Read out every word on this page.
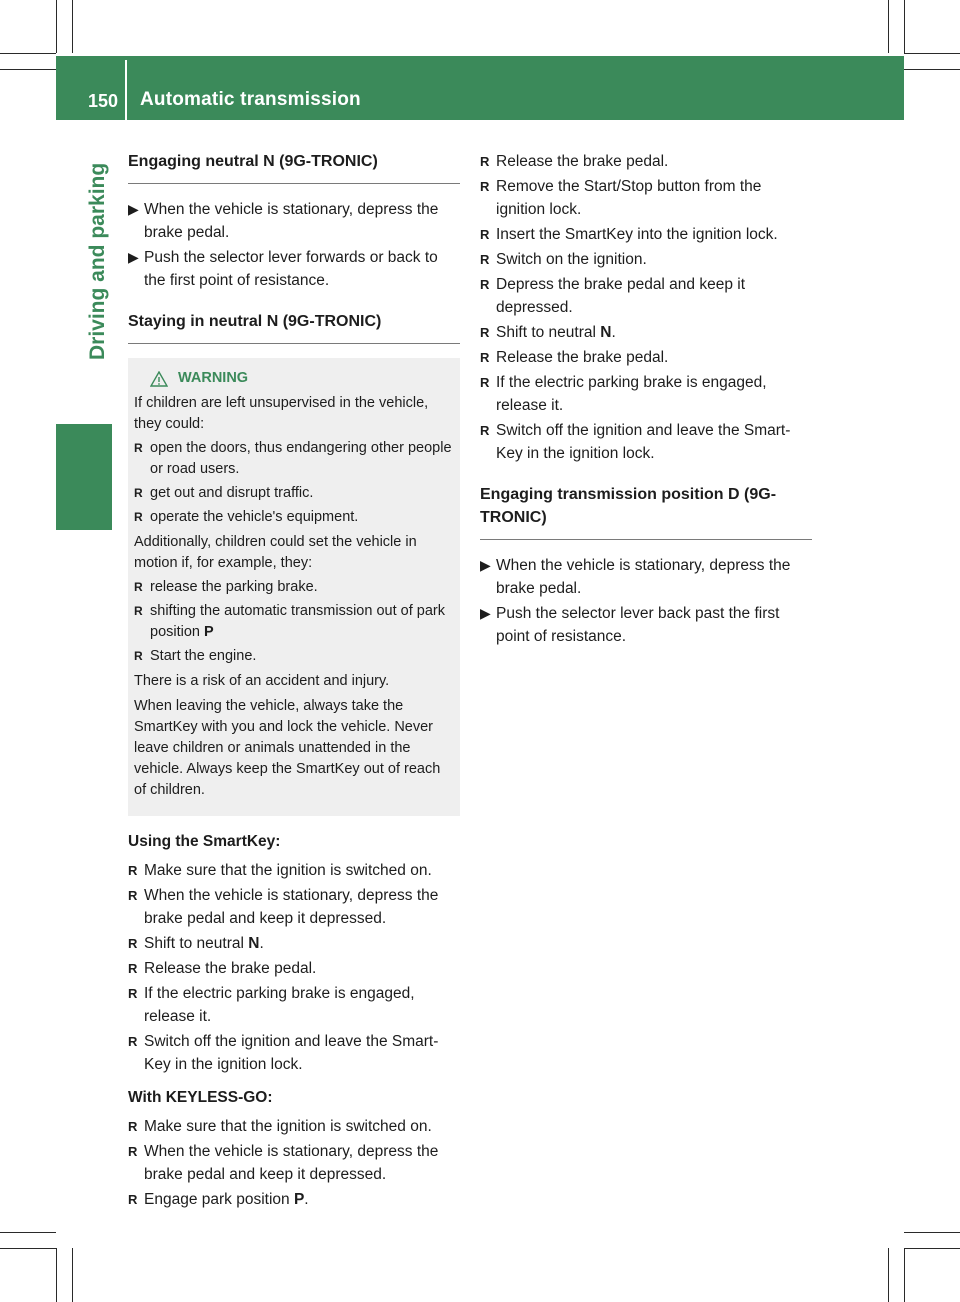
150 Automatic transmission
Driving and parking
Engaging neutral N (9G-TRONIC)
▶ ▶ When the vehicle is stationary, depress the brake pedal.
▶ ▶ Push the selector lever forwards or back to the first point of resistance.
Staying in neutral N (9G-TRONIC)
WARNING

If children are left unsupervised in the vehicle, they could:

R open the doors, thus endangering other people or road users.
R get out and disrupt traffic.
R operate the vehicle's equipment.

Additionally, children could set the vehicle in motion if, for example, they:

R release the parking brake.
R shifting the automatic transmission out of park position P
R Start the engine.

There is a risk of an accident and injury.

When leaving the vehicle, always take the SmartKey with you and lock the vehicle. Never leave children or animals unattended in the vehicle. Always keep the SmartKey out of reach of children.

Using the SmartKey:
R Make sure that the ignition is switched on.
R When the vehicle is stationary, depress the brake pedal and keep it depressed.
R Shift to neutral N.
R Release the brake pedal.
R If the electric parking brake is engaged, release it.
R Switch off the ignition and leave the Smart-Key in the ignition lock.
With KEYLESS-GO:
R Make sure that the ignition is switched on.
R When the vehicle is stationary, depress the brake pedal and keep it depressed.
R Engage park position P.
R Release the brake pedal.
R Remove the Start/Stop button from the ignition lock.
R Insert the SmartKey into the ignition lock.
R Switch on the ignition.
R Depress the brake pedal and keep it depressed.
R Shift to neutral N.
R Release the brake pedal.
R If the electric parking brake is engaged, release it.
R Switch off the ignition and leave the Smart-Key in the ignition lock.
Engaging transmission position D (9G-TRONIC)
▶ ▶ When the vehicle is stationary, depress the brake pedal.
▶ ▶ Push the selector lever back past the first point of resistance.
